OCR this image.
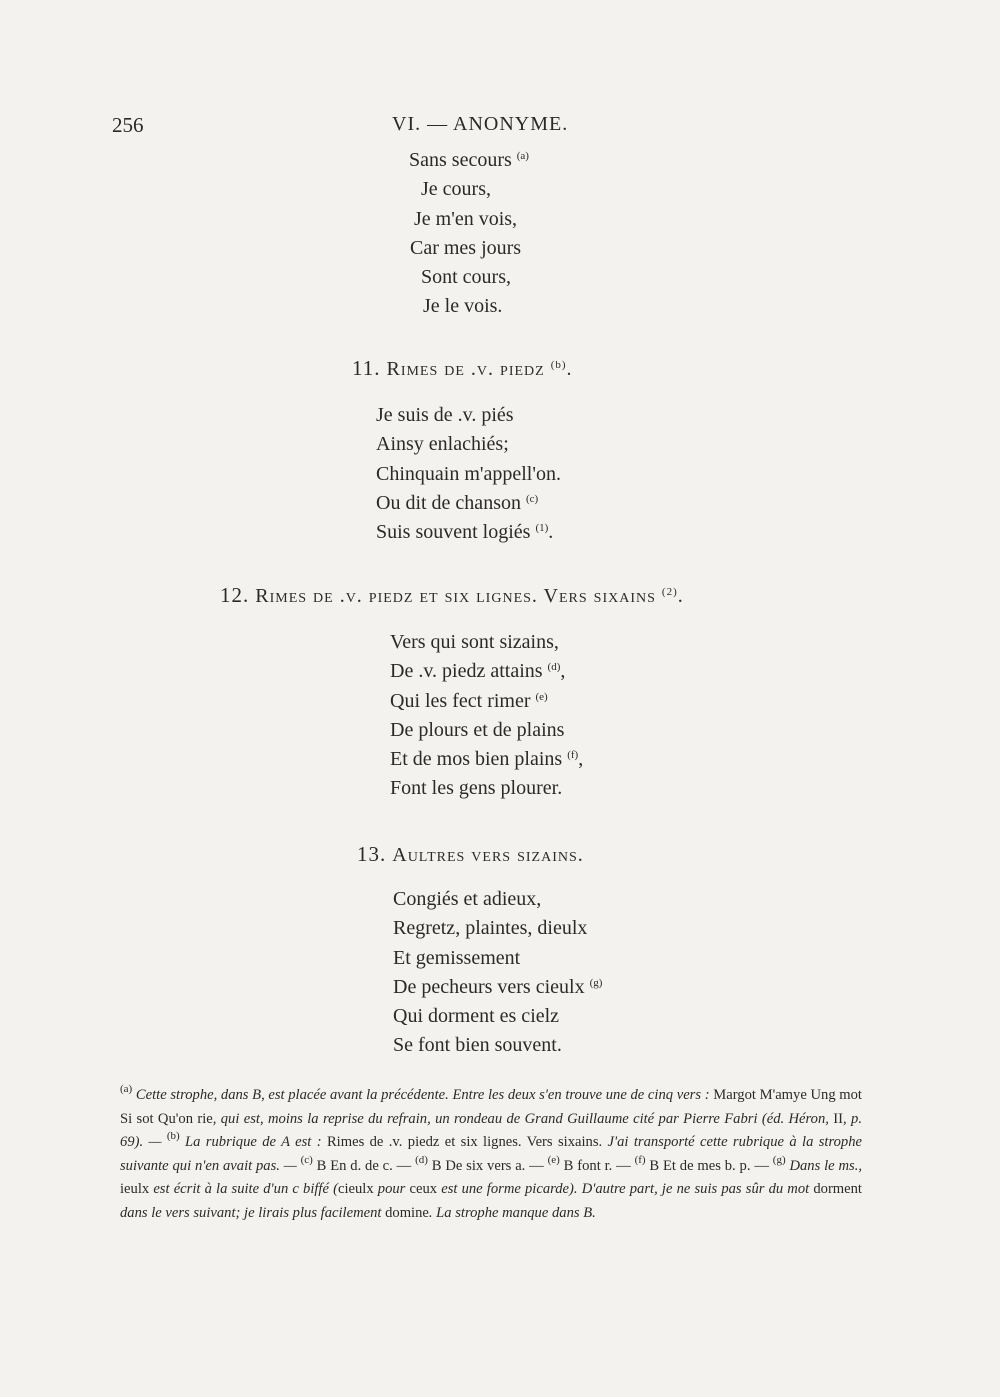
256	VI. — ANONYME.
Sans secours $^{(a)}$
Je cours,
Je m'en vois,
Car mes jours
Sont cours,
Je le vois.
11. Rimes de .v. piedz $^{(b)}$.
Je suis de .v. piés
Ainsy enlachiés;
Chinquain m'appell'on.
Ou dit de chanson $^{(c)}$
Suis souvent logiés $^{(1)}$.
12. Rimes de .v. piedz et six lignes. Vers sixains $^{(2)}$.
Vers qui sont sizains,
De .v. piedz attains $^{(d)}$,
Qui les fect rimer $^{(e)}$
De plours et de plains
Et de mos bien plains $^{(f)}$,
Font les gens plourer.
13. Aultres vers sizains.
Congiés et adieux,
Regretz, plaintes, dieulx
Et gemissement
De pecheurs vers cieulx $^{(g)}$
Qui dorment es cielz
Se font bien souvent.
$^{(a)}$ Cette strophe, dans B, est placée avant la précédente. Entre les deux s'en trouve une de cinq vers : Margot M'amye Ung mot Si sot Qu'on rie, qui est, moins la reprise du refrain, un rondeau de Grand Guillaume cité par Pierre Fabri (éd. Héron, II, p. 69). — $^{(b)}$ La rubrique de A est : Rimes de .v. piedz et six lignes. Vers sixains. J'ai transporté cette rubrique à la strophe suivante qui n'en avait pas. — $^{(c)}$ B En d. de c. — $^{(d)}$ B De six vers a. — $^{(e)}$ B font r. — $^{(f)}$ B Et de mes b. p. — $^{(g)}$ Dans le ms., ieulx est écrit à la suite d'un c biffé (cieulx pour ceux est une forme picarde). D'autre part, je ne suis pas sûr du mot dorment dans le vers suivant; je lirais plus facilement domine. La strophe manque dans B.
